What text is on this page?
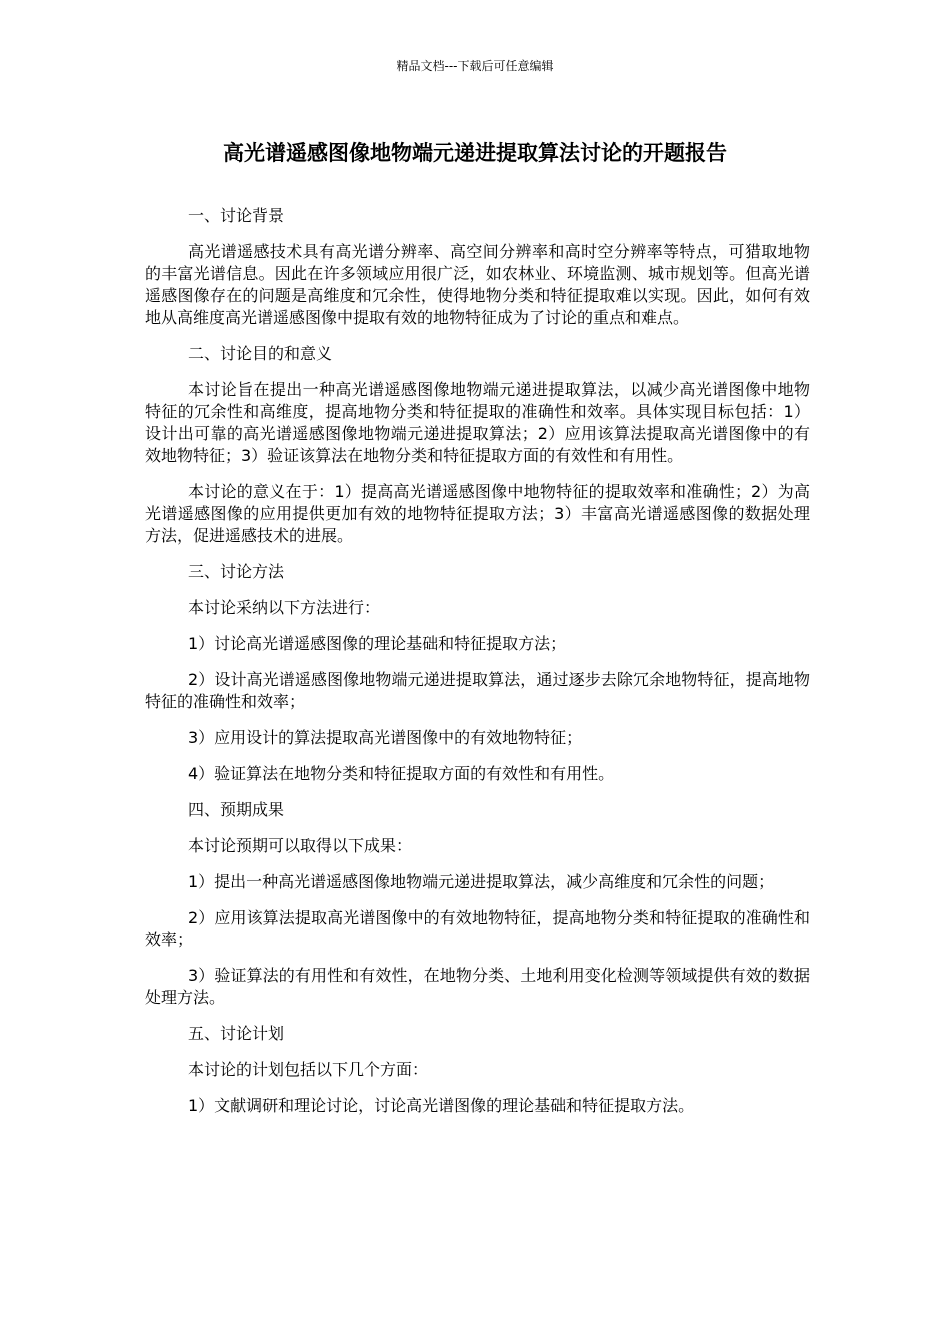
精品文档---下载后可任意编辑
高光谱遥感图像地物端元递进提取算法讨论的开题报告
一、讨论背景

高光谱遥感技术具有高光谱分辨率、高空间分辨率和高时空分辨率等特点，可猎取地物的丰富光谱信息。因此在许多领域应用很广泛，如农林业、环境监测、城市规划等。但高光谱遥感图像存在的问题是高维度和冗余性，使得地物分类和特征提取难以实现。因此，如何有效地从高维度高光谱遥感图像中提取有效的地物特征成为了讨论的重点和难点。

二、讨论目的和意义

本讨论旨在提出一种高光谱遥感图像地物端元递进提取算法，以减少高光谱图像中地物特征的冗余性和高维度，提高地物分类和特征提取的准确性和效率。具体实现目标包括：1）设计出可靠的高光谱遥感图像地物端元递进提取算法；2）应用该算法提取高光谱图像中的有效地物特征；3）验证该算法在地物分类和特征提取方面的有效性和有用性。

本讨论的意义在于：1）提高高光谱遥感图像中地物特征的提取效率和准确性；2）为高光谱遥感图像的应用提供更加有效的地物特征提取方法；3）丰富高光谱遥感图像的数据处理方法，促进遥感技术的进展。

三、讨论方法

本讨论采纳以下方法进行：

1）讨论高光谱遥感图像的理论基础和特征提取方法；

2）设计高光谱遥感图像地物端元递进提取算法，通过逐步去除冗余地物特征，提高地物特征的准确性和效率；

3）应用设计的算法提取高光谱图像中的有效地物特征；

4）验证算法在地物分类和特征提取方面的有效性和有用性。

四、预期成果

本讨论预期可以取得以下成果：

1）提出一种高光谱遥感图像地物端元递进提取算法，减少高维度和冗余性的问题；

2）应用该算法提取高光谱图像中的有效地物特征，提高地物分类和特征提取的准确性和效率；

3）验证算法的有用性和有效性，在地物分类、土地利用变化检测等领域提供有效的数据处理方法。

五、讨论计划

本讨论的计划包括以下几个方面：

1）文献调研和理论讨论，讨论高光谱图像的理论基础和特征提取方法。
